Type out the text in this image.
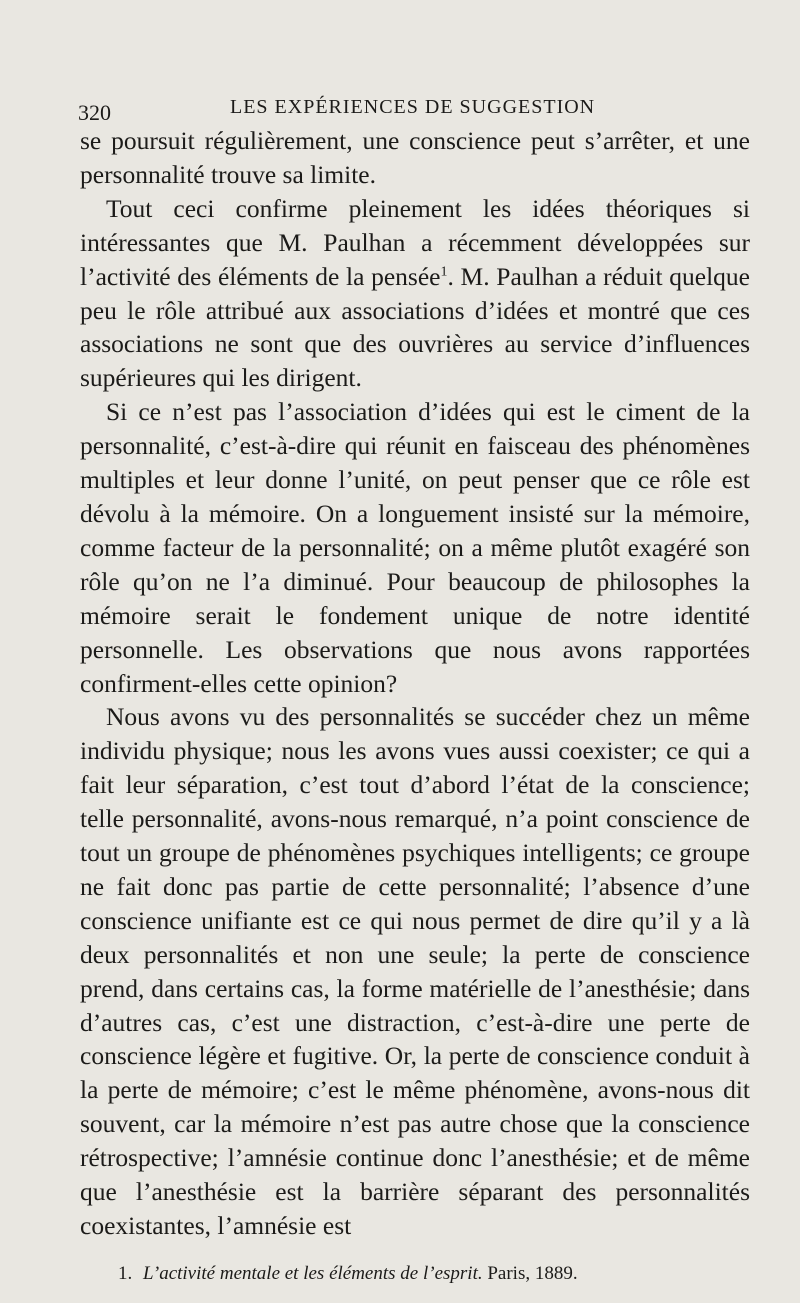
320	LES EXPÉRIENCES DE SUGGESTION

se poursuit régulièrement, une conscience peut s’arrêter, et une personnalité trouve sa limite.

Tout ceci confirme pleinement les idées théoriques si intéressantes que M. Paulhan a récemment développées sur l’activité des éléments de la pensée$^1$. M. Paulhan a réduit quelque peu le rôle attribué aux associations d’idées et montré que ces associations ne sont que des ouvrières au service d’influences supérieures qui les dirigent.

Si ce n’est pas l’association d’idées qui est le ciment de la personnalité, c’est-à-dire qui réunit en faisceau des phénomènes multiples et leur donne l’unité, on peut penser que ce rôle est dévolu à la mémoire. On a longuement insisté sur la mémoire, comme facteur de la personnalité; on a même plutôt exagéré son rôle qu’on ne l’a diminué. Pour beaucoup de philosophes la mémoire serait le fondement unique de notre identité personnelle. Les observations que nous avons rapportées confirment-elles cette opinion?

Nous avons vu des personnalités se succéder chez un même individu physique; nous les avons vues aussi coexister; ce qui a fait leur séparation, c’est tout d’abord l’état de la conscience; telle personnalité, avons-nous remarqué, n’a point conscience de tout un groupe de phénomènes psychiques intelligents; ce groupe ne fait donc pas partie de cette personnalité; l’absence d’une conscience unifiante est ce qui nous permet de dire qu’il y a là deux personnalités et non une seule; la perte de conscience prend, dans certains cas, la forme matérielle de l’anesthésie; dans d’autres cas, c’est une distraction, c’est-à-dire une perte de conscience légère et fugitive. Or, la perte de conscience conduit à la perte de mémoire; c’est le même phénomène, avons-nous dit souvent, car la mémoire n’est pas autre chose que la conscience rétrospective; l’amnésie continue donc l’anesthésie; et de même que l’anesthésie est la barrière séparant des personnalités coexistantes, l’amnésie est

1. L’activité mentale et les éléments de l’esprit. Paris, 1889.
